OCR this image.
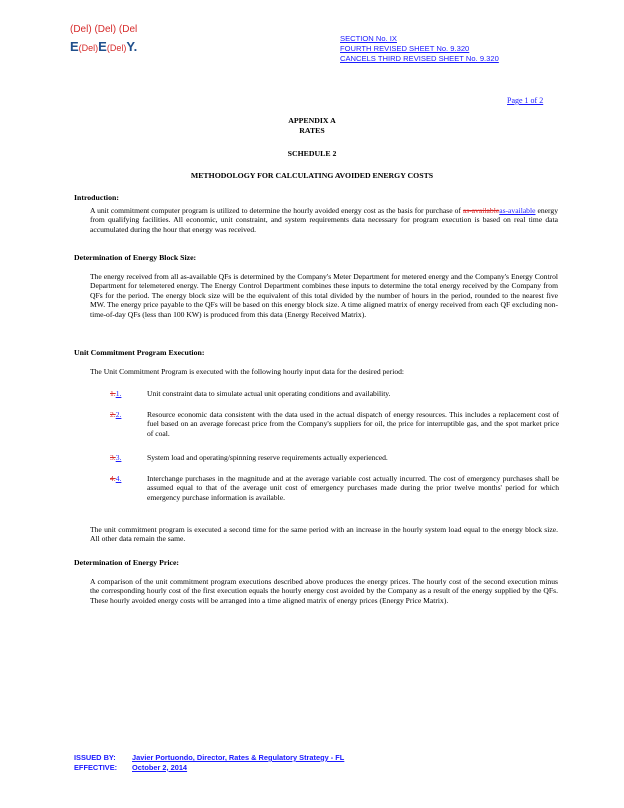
(Del) (Del) (Del
E(Del)E(Del)Y.	SECTION No. IX
FOURTH REVISED SHEET No. 9.320
CANCELS THIRD REVISED SHEET No. 9.320
Page 1 of 2
APPENDIX A
RATES
SCHEDULE 2
METHODOLOGY FOR CALCULATING AVOIDED ENERGY COSTS
Introduction:
A unit commitment computer program is utilized to determine the hourly avoided energy cost as the basis for purchase of as-availableas-available energy from qualifying facilities. All economic, unit constraint, and system requirements data necessary for program execution is based on real time data accumulated during the hour that energy was received.
Determination of Energy Block Size:
The energy received from all as-available QFs is determined by the Company's Meter Department for metered energy and the Company's Energy Control Department for telemetered energy. The Energy Control Department combines these inputs to determine the total energy received by the Company from QFs for the period. The energy block size will be the equivalent of this total divided by the number of hours in the period, rounded to the nearest five MW. The energy price payable to the QFs will be based on this energy block size. A time aligned matrix of energy received from each QF excluding non-time-of-day QFs (less than 100 KW) is produced from this data (Energy Received Matrix).
Unit Commitment Program Execution:
The Unit Commitment Program is executed with the following hourly input data for the desired period:
1.1.	Unit constraint data to simulate actual unit operating conditions and availability.
2.2.	Resource economic data consistent with the data used in the actual dispatch of energy resources. This includes a replacement cost of fuel based on an average forecast price from the Company's suppliers for oil, the price for interruptible gas, and the spot market price of coal.
3.3.	System load and operating/spinning reserve requirements actually experienced.
4.4.	Interchange purchases in the magnitude and at the average variable cost actually incurred. The cost of emergency purchases shall be assumed equal to that of the average unit cost of emergency purchases made during the prior twelve months' period for which emergency purchase information is available.
The unit commitment program is executed a second time for the same period with an increase in the hourly system load equal to the energy block size. All other data remain the same.
Determination of Energy Price:
A comparison of the unit commitment program executions described above produces the energy prices. The hourly cost of the second execution minus the corresponding hourly cost of the first execution equals the hourly energy cost avoided by the Company as a result of the energy supplied by the QFs. These hourly avoided energy costs will be arranged into a time aligned matrix of energy prices (Energy Price Matrix).
ISSUED BY: Javier Portuondo, Director, Rates & Regulatory Strategy - FL
EFFECTIVE: October 2, 2014
